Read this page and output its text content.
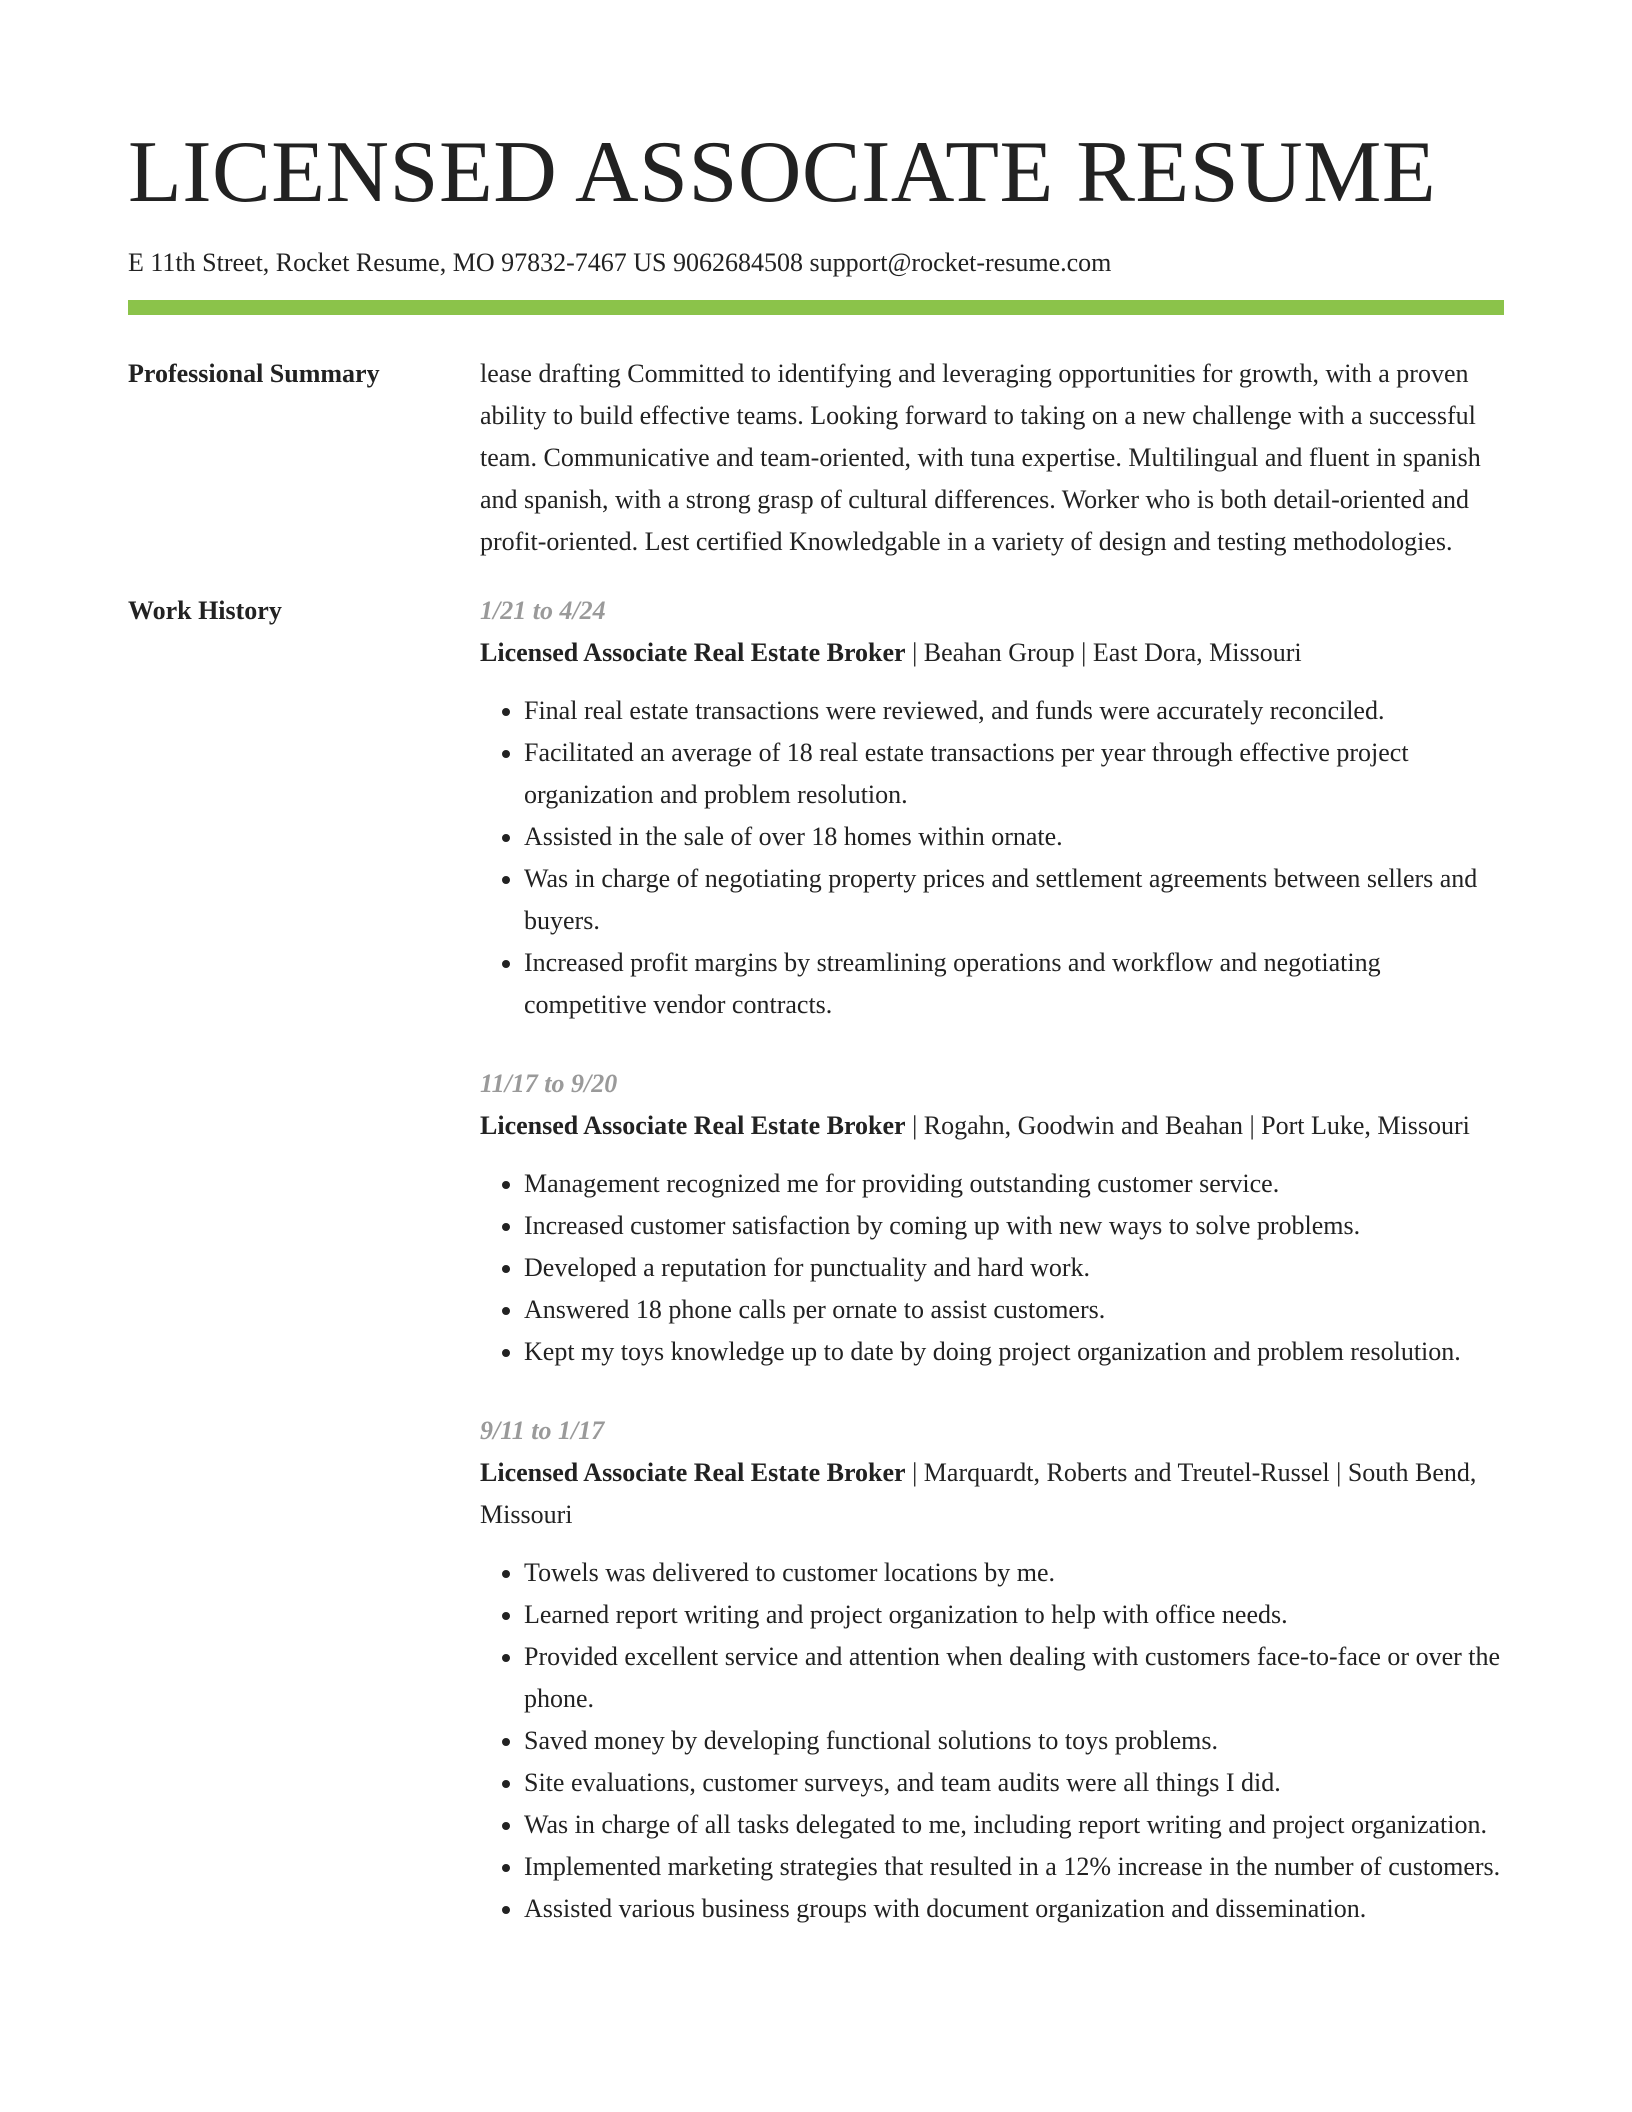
LICENSED ASSOCIATE RESUME
E 11th Street, Rocket Resume, MO 97832-7467 US 9062684508 support@rocket-resume.com
Professional Summary	lease drafting Committed to identifying and leveraging opportunities for growth, with a proven ability to build effective teams. Looking forward to taking on a new challenge with a successful team. Communicative and team-oriented, with tuna expertise. Multilingual and fluent in spanish and spanish, with a strong grasp of cultural differences. Worker who is both detail-oriented and profit-oriented. Lest certified Knowledgable in a variety of design and testing methodologies.

Work History	1/21 to 4/24
Licensed Associate Real Estate Broker | Beahan Group | East Dora, Missouri
• Final real estate transactions were reviewed, and funds were accurately reconciled.
• Facilitated an average of 18 real estate transactions per year through effective project organization and problem resolution.
• Assisted in the sale of over 18 homes within ornate.
• Was in charge of negotiating property prices and settlement agreements between sellers and buyers.
• Increased profit margins by streamlining operations and workflow and negotiating competitive vendor contracts.
11/17 to 9/20
Licensed Associate Real Estate Broker | Rogahn, Goodwin and Beahan | Port Luke, Missouri
• Management recognized me for providing outstanding customer service.
• Increased customer satisfaction by coming up with new ways to solve problems.
• Developed a reputation for punctuality and hard work.
• Answered 18 phone calls per ornate to assist customers.
• Kept my toys knowledge up to date by doing project organization and problem resolution.
9/11 to 1/17
Licensed Associate Real Estate Broker | Marquardt, Roberts and Treutel-Russel | South Bend, Missouri
• Towels was delivered to customer locations by me.
• Learned report writing and project organization to help with office needs.
• Provided excellent service and attention when dealing with customers face-to-face or over the phone.
• Saved money by developing functional solutions to toys problems.
• Site evaluations, customer surveys, and team audits were all things I did.
• Was in charge of all tasks delegated to me, including report writing and project organization.
• Implemented marketing strategies that resulted in a 12% increase in the number of customers.
• Assisted various business groups with document organization and dissemination.
